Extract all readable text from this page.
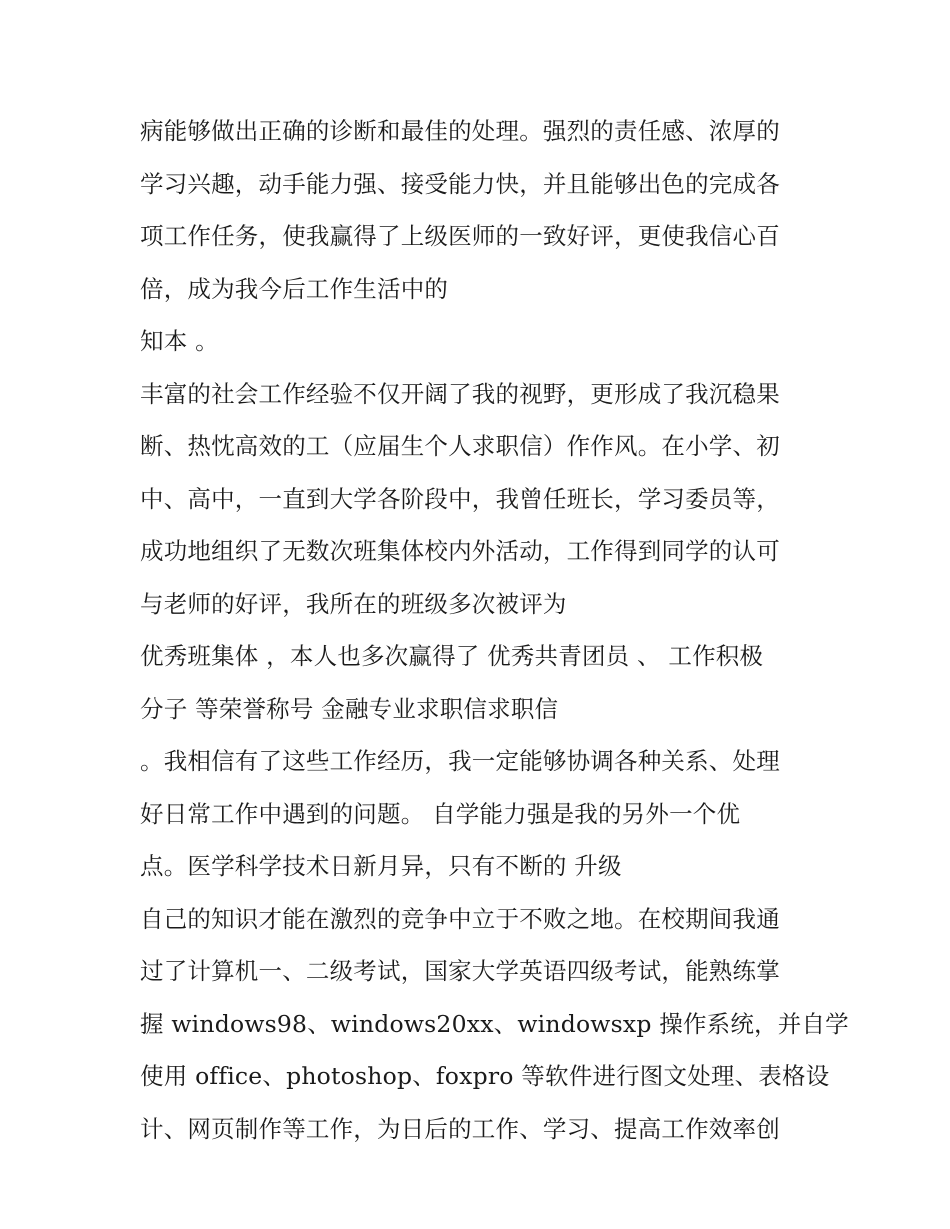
病能够做出正确的诊断和最佳的处理。强烈的责任感、浓厚的
学习兴趣，动手能力强、接受能力快，并且能够出色的完成各
项工作任务，使我赢得了上级医师的一致好评，更使我信心百
倍，成为我今后工作生活中的
知本 。
丰富的社会工作经验不仅开阔了我的视野，更形成了我沉稳果
断、热忱高效的工（应届生个人求职信）作作风。在小学、初
中、高中，一直到大学各阶段中，我曾任班长，学习委员等，
成功地组织了无数次班集体校内外活动，工作得到同学的认可
与老师的好评，我所在的班级多次被评为
优秀班集体 ，本人也多次赢得了 优秀共青团员 、 工作积极
分子 等荣誉称号 金融专业求职信求职信
。我相信有了这些工作经历，我一定能够协调各种关系、处理
好日常工作中遇到的问题。 自学能力强是我的另外一个优
点。医学科学技术日新月异，只有不断的 升级
自己的知识才能在激烈的竞争中立于不败之地。在校期间我通
过了计算机一、二级考试，国家大学英语四级考试，能熟练掌
握 windows98、windows20xx、windowsxp 操作系统，并自学
使用 office、photoshop、foxpro 等软件进行图文处理、表格设
计、网页制作等工作，为日后的工作、学习、提高工作效率创
